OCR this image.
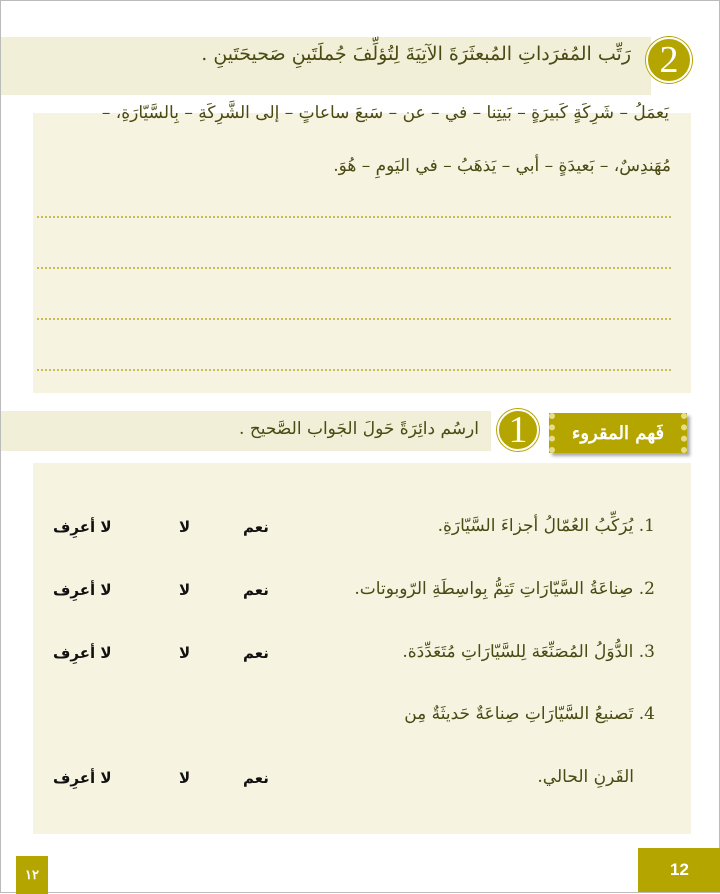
2
رَتِّب المُفرَداتِ المُبعثَرَةَ الآتِيَةَ لِتُؤلِّفَ جُملَتَينِ صَحيحَتَينِ .
يَعمَلُ – شَرِكَةٍ كَبيرَةٍ – بَيتِنا – في – عن – سَبعَ ساعاتٍ – إلى الشَّرِكَةِ – بِالسَّيّارَةِ، –
مُهَندِسٌ، – بَعيدَةٍ – أبي – يَذهَبُ – في اليَومِ – هُوَ.
1
ارسُم دائِرَةً حَولَ الجَواب الصَّحيح .	فَهم المقروء
1. يُرَكِّبُ العُمّالُ أجزاءَ السَّيّارَةِ.
2. صِناعَةُ السَّيّارَاتِ تَتِمُّ بِواسِطَةِ الرّوبوتات.
3. الدُّوَلُ المُصَنِّعَة لِلسَّيّارَاتِ مُتَعَدِّدَة.
4. تَصنيعُ السَّيّارَاتِ صِناعَةٌ حَديثَةٌ مِن
القَرنِ الحالي.
نعم
لا
لا أعرِف
نعم
لا
لا أعرِف
نعم
لا
لا أعرِف
نعم
لا
لا أعرِف
١٢	12
